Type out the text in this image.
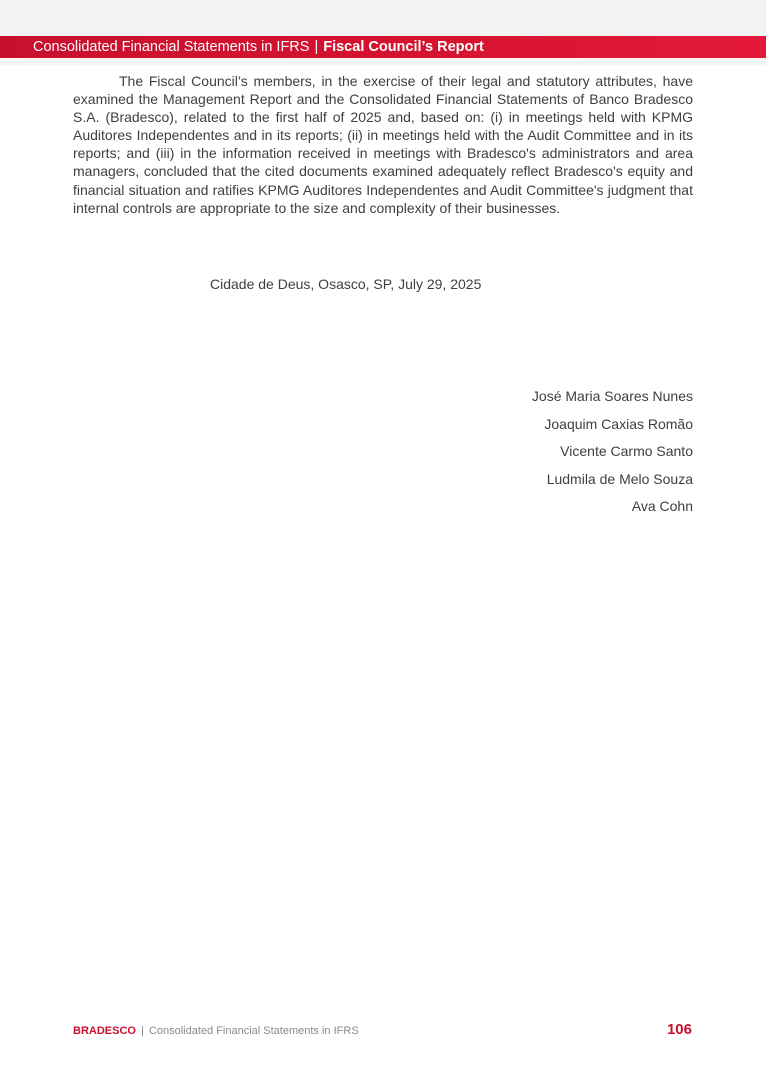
Consolidated Financial Statements in IFRS | Fiscal Council’s Report

The Fiscal Council’s members, in the exercise of their legal and statutory attributes, have examined the Management Report and the Consolidated Financial Statements of Banco Bradesco S.A. (Bradesco), related to the first half of 2025 and, based on: (i) in meetings held with KPMG Auditores Independentes and in its reports; (ii) in meetings held with the Audit Committee and in its reports; and (iii) in the information received in meetings with Bradesco's administrators and area managers, concluded that the cited documents examined adequately reflect Bradesco's equity and financial situation and ratifies KPMG Auditores Independentes and Audit Committee's judgment that internal controls are appropriate to the size and complexity of their businesses.

Cidade de Deus, Osasco, SP, July 29, 2025
José Maria Soares Nunes
Joaquim Caxias Romão
Vicente Carmo Santo
Ludmila de Melo Souza
Ava Cohn
BRADESCO | Consolidated Financial Statements in IFRS	106
